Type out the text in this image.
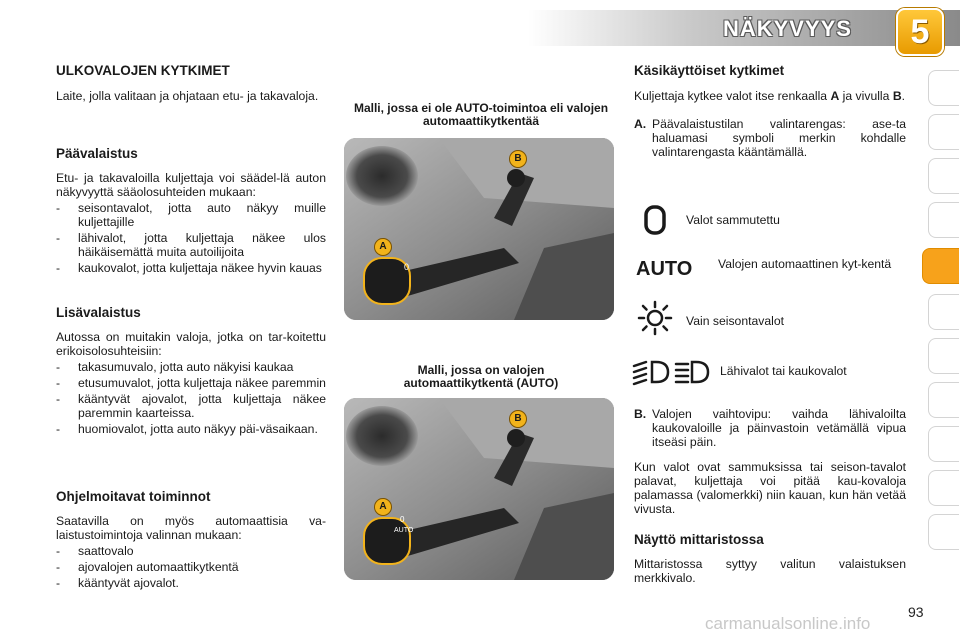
NÄKYVYYS	5
ULKOVALOJEN KYTKIMET

Laite, jolla valitaan ja ohjataan etu- ja takavaloja.

Päävalaistus

Etu- ja takavaloilla kuljettaja voi säädel-lä auton näkyvyyttä sääolosuhteiden mukaan:

- seisontavalot, jotta auto näkyy muille kuljettajille
- lähivalot, jotta kuljettaja näkee ulos häikäisemättä muita autoilijoita
- kaukovalot, jotta kuljettaja näkee hyvin kauas
Lisävalaistus

Autossa on muitakin valoja, jotka on tar-koitettu erikoisolosuhteisiin:

- takasumuvalo, jotta auto näkyisi kaukaa
- etusumuvalot, jotta kuljettaja näkee paremmin
- kääntyvät ajovalot, jotta kuljettaja näkee paremmin kaarteissa.
- huomiovalot, jotta auto näkyy päi-väsaikaan.
Ohjelmoitavat toiminnot

Saatavilla on myös automaattisia va-laistustoimintoja valinnan mukaan:

- saattovalo
- ajovalojen automaattikytkentä
- kääntyvät ajovalot.
Malli, jossa ei ole AUTO-toimintoa eli valojen automaattikytkentää
0
A
B
Malli, jossa on valojen automaattikytkentä (AUTO)
0
AUTO
A
B
Käsikäyttöiset kytkimet

Kuljettaja kytkee valot itse renkaalla A ja vivulla B.

A. Päävalaistustilan valintarengas: ase-ta haluamasi symboli merkin kohdalle valintarengasta kääntämällä.

Valot sammutettu
AUTO Valojen automaattinen kyt-kentä
Vain seisontavalot
Lähivalot tai kaukovalot
B. Valojen vaihtovipu: vaihda lähivaloilta kaukovaloille ja päinvastoin vetämällä vipua itseäsi päin.

Kun valot ovat sammuksissa tai seison-tavalot palavat, kuljettaja voi pitää kau-kovaloja palamassa (valomerkki) niin kauan, kun hän vetää vivusta.

Näyttö mittaristossa

Mittaristossa syttyy valitun valaistuksen merkkivalo.

93
carmanualsonline.info
